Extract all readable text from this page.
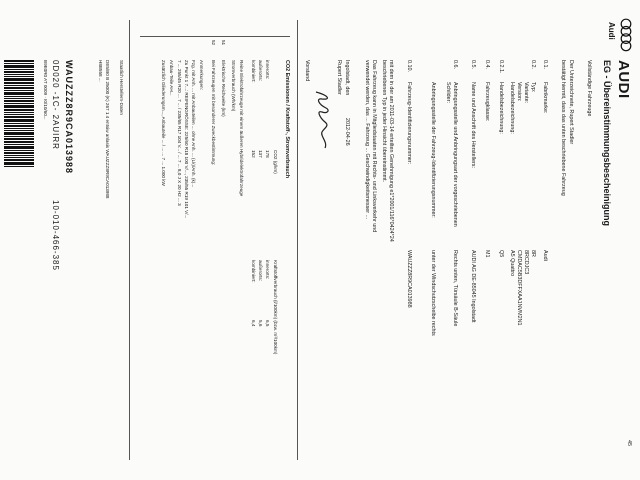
AUDI
EG - Übereinstimmungsbescheinigung
Vollständige Fahrzeuge
Audi
45
Der Unterzeichnete, Rupert Stadler
bestätigt hiermit, dass das unten beschriebene Fahrzeug
0.1.
Fabrikmarke:
Audi
0.2.
Typ:
8R
Variante:
8RCDJC3
Version:
CMDAC5B3DFFXAA1NVM2N1
Handelsbezeichnung:
A5 Quattro
0.2.1.
Handelsbezeichnung:
Q5
0.4.
Fahrzeugklasse:
M1
0.5.
Name und Anschrift des Herstellers:
AUDI AG DE-85045 Ingolstadt
0.6.
Anbringungsstelle und Anbringungsart der vorgeschriebenen Schilder:
Rechts unten, Türsäule B-Säule
Anbringungsstelle der Fahrzeug-Identifizierungsnummer:
unter der Windschutzscheibe rechts
0.10.
Fahrzeug-Identifizierungsnummer:
WAUZZZ8R9CA013988
mit dem in der am 2011-03-14 erteilten Genehmigung e1*2001/116*0424*24
beschriebenen Typ in jeder Hinsicht übereinstimmt.
Das Fahrzeug kann in Mitgliedstaaten mit Rechts- und Linksverkehr und
verwendet werden, das ... Fahrzeug ... Geschwindigkeitsmesser ...
Ingolstadt, den
2012-04-26
Rupert Stadler
Vorstand
CO2 Emissionen / Kraftstoff-, Stromverbrauch
CO2 (g/km)
innerorts:
178
außerorts:
137
kombiniert:
152
Kraftstoffverbrauch (l/100km) (bzw. m³/100km)
innerorts:
6,5
außerorts:
5,6
kombiniert:
6,4
Reine Elektrofahrzeuge mit einem äußeren Hybridelektrofahrzeuge
Stromverbrauch (Wh/km)
51
Elektrische Reichweite (km)
52
Bei Fahrzeugen mit besonderer Zweckbestimmung:
Anmerkungen:
Fzg. mit Anh. ... mit Anbauteilen ... ohne Anh. ... (Lk)/Anh. (k)...
Zu Punkt 1 7...: REIFENGRÖSSE: 225/60 R18 100 V/..., 235/55 R19 101 V/...
7 ... 255/45 R20 ... 7 ... / 235/65 R17 104 V... / ... 7 ... 8,0 J X 20 H2 ... 3
Anbau-Teile AH...
Zusätzlich Gliederungsm..., Anbauteile ... / ... ... 7 ... 1.000 kW
Staatlich Herstellern-Daten
DE5/B0 B 25000 (K) 267 1 4 entsiw anlasis WAUZZZ8R9CA013988
H8B558 ...
WAUZZZ8R9CA013988
0D020 -1C- 2AUIRR
10-010-466-385
B9E0R0 AT 0009 · I0/10/60...
